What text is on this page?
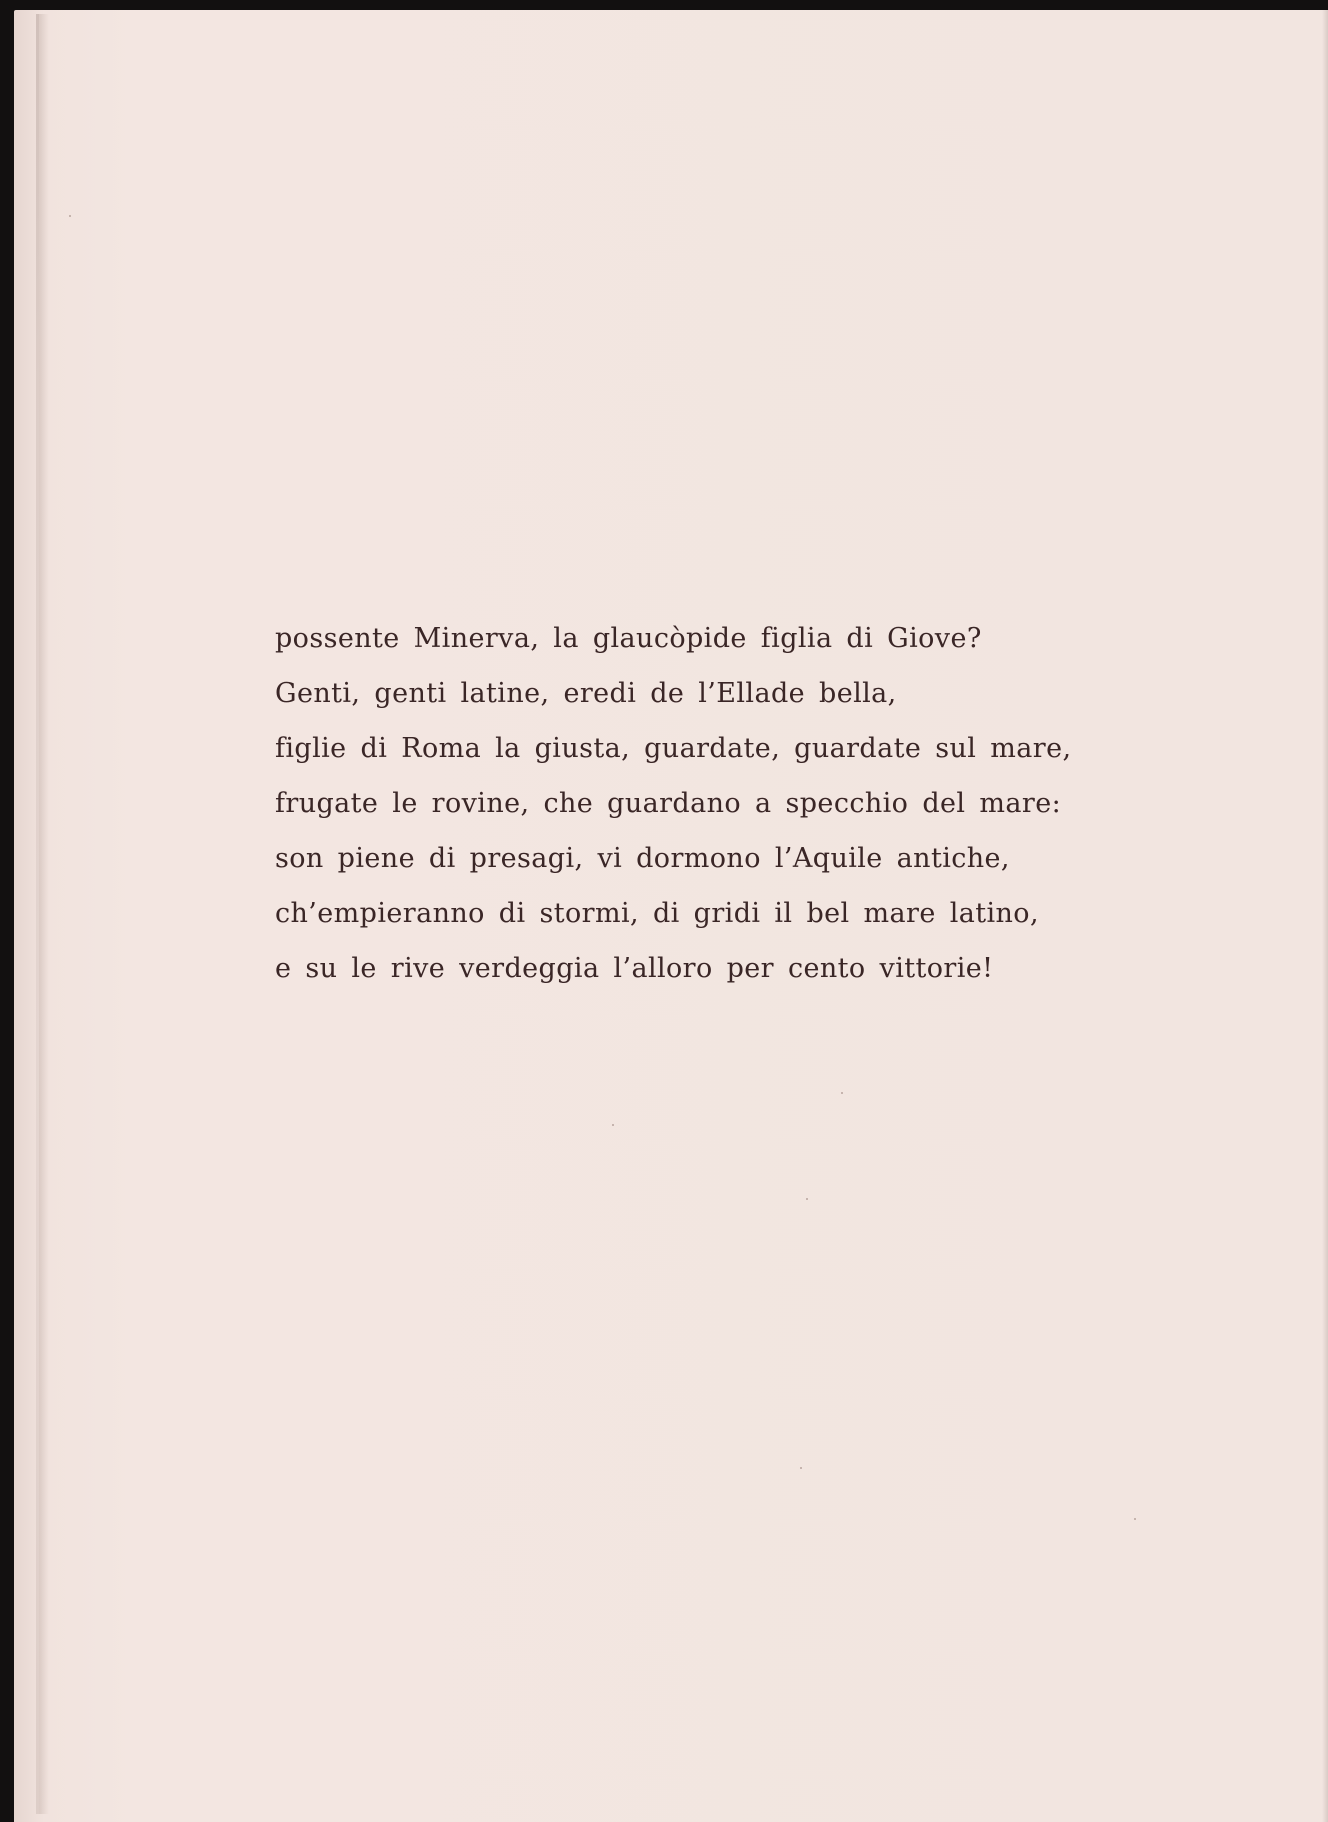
possente Minerva, la glaucòpide figlia di Giove?
Genti, genti latine, eredi de l’Ellade bella,
figlie di Roma la giusta, guardate, guardate sul mare,
frugate le rovine, che guardano a specchio del mare:
son piene di presagi, vi dormono l’Aquile antiche,
ch’empieranno di stormi, di gridi il bel mare latino,
e su le rive verdeggia l’alloro per cento vittorie!
